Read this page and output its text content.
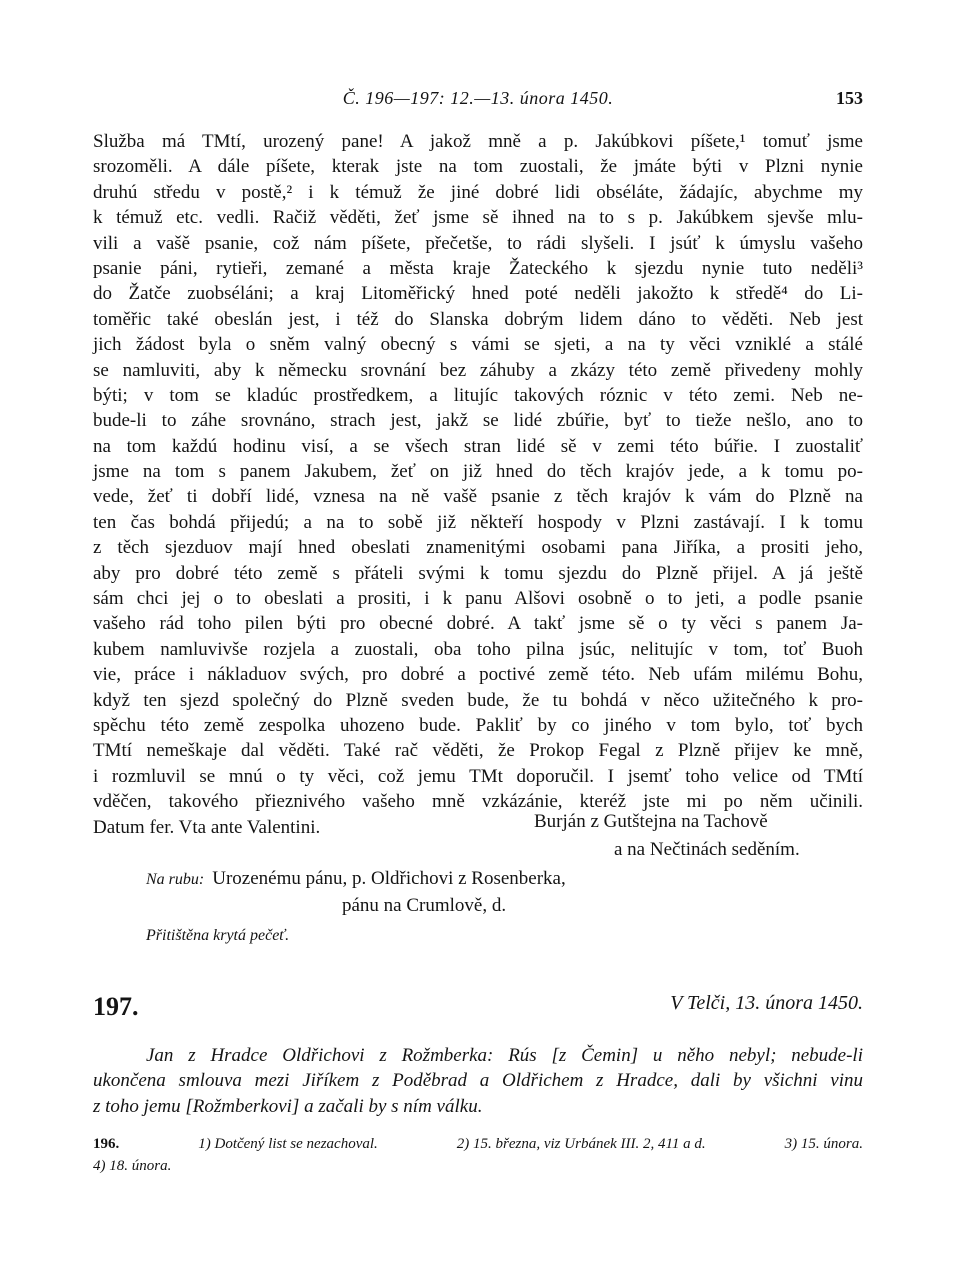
Č. 196—197: 12.—13. února 1450.	153
Služba má TMtí, urozený pane! A jakož mně a p. Jakúbkovi píšete,¹ tomuť jsme
srozoměli. A dále píšete, kterak jste na tom zuostali, že jmáte býti v Plzni nynie
druhú středu v postě,² i k témuž že jiné dobré lidi obséláte, žádajíc, abychme my
k témuž etc. vedli. Račiž věděti, žeť jsme sě ihned na to s p. Jakúbkem sjevše mlu-
vili a vašě psanie, což nám píšete, přečetše, to rádi slyšeli. I jsúť k úmyslu vašeho
psanie páni, rytieři, zemané a města kraje Žateckého k sjezdu nynie tuto neděli³
do Žatče zuobséláni; a kraj Litoměřický hned poté neděli jakožto k středě⁴ do Li-
toměřic také obeslán jest, i též do Slanska dobrým lidem dáno to věděti. Neb jest
jich žádost byla o sněm valný obecný s vámi se sjeti, a na ty věci vzniklé a stálé
se namluviti, aby k německu srovnání bez záhuby a zkázy této země přivedeny mohly
býti; v tom se kladúc prostředkem, a litujíc takových róznic v této zemi. Neb ne-
bude-li to záhe srovnáno, strach jest, jakž se lidé zbúřie, byť to tieže nešlo, ano to
na tom každú hodinu visí, a se všech stran lidé sě v zemi této búřie. I zuostaliť
jsme na tom s panem Jakubem, žeť on již hned do těch krajóv jede, a k tomu po-
vede, žeť ti dobří lidé, vznesa na ně vašě psanie z těch krajóv k vám do Plzně na
ten čas bohdá přijedú; a na to sobě již někteří hospody v Plzni zastávají. I k tomu
z těch sjezduov mají hned obeslati znamenitými osobami pana Jiříka, a prositi jeho,
aby pro dobré této země s přáteli svými k tomu sjezdu do Plzně přijel. A já ještě
sám chci jej o to obeslati a prositi, i k panu Alšovi osobně o to jeti, a podle psanie
vašeho rád toho pilen býti pro obecné dobré. A takť jsme sě o ty věci s panem Ja-
kubem namluvivše rozjela a zuostali, oba toho pilna jsúc, nelitujíc v tom, toť Buoh
vie, práce i nákladuov svých, pro dobré a poctivé země této. Neb ufám milému Bohu,
když ten sjezd společný do Plzně sveden bude, že tu bohdá v něco užitečného k pro-
spěchu této země zespolka uhozeno bude. Pakliť by co jiného v tom bylo, toť bych
TMtí nemeškaje dal věděti. Také rač věděti, že Prokop Fegal z Plzně přijev ke mně,
i rozmluvil se mnú o ty věci, což jemu TMt doporučil. I jsemť toho velice od TMtí
vděčen, takového přieznivého vašeho mně vzkázánie, kteréž jste mi po něm učinili.
Datum fer. Vta ante Valentini.	Burján z Gutštejna na Tachově
a na Nečtinách seděním.
Na rubu: Urozenému pánu, p. Oldřichovi z Rosenberka,
pánu na Crumlově, d.
Přitištěna krytá pečeť.
197.	V Telči, 13. února 1450.
Jan z Hradce Oldřichovi z Rožmberka: Rús [z Čemin] u něho nebyl; nebude-li
ukončena smlouva mezi Jiříkem z Poděbrad a Oldřichem z Hradce, dali by všichni vinu
z toho jemu [Rožmberkovi] a začali by s ním válku.
196.	1) Dotčený list se nezachoval.	2) 15. března, viz Urbánek III. 2, 411 a d.	3) 15. února.
4) 18. února.
